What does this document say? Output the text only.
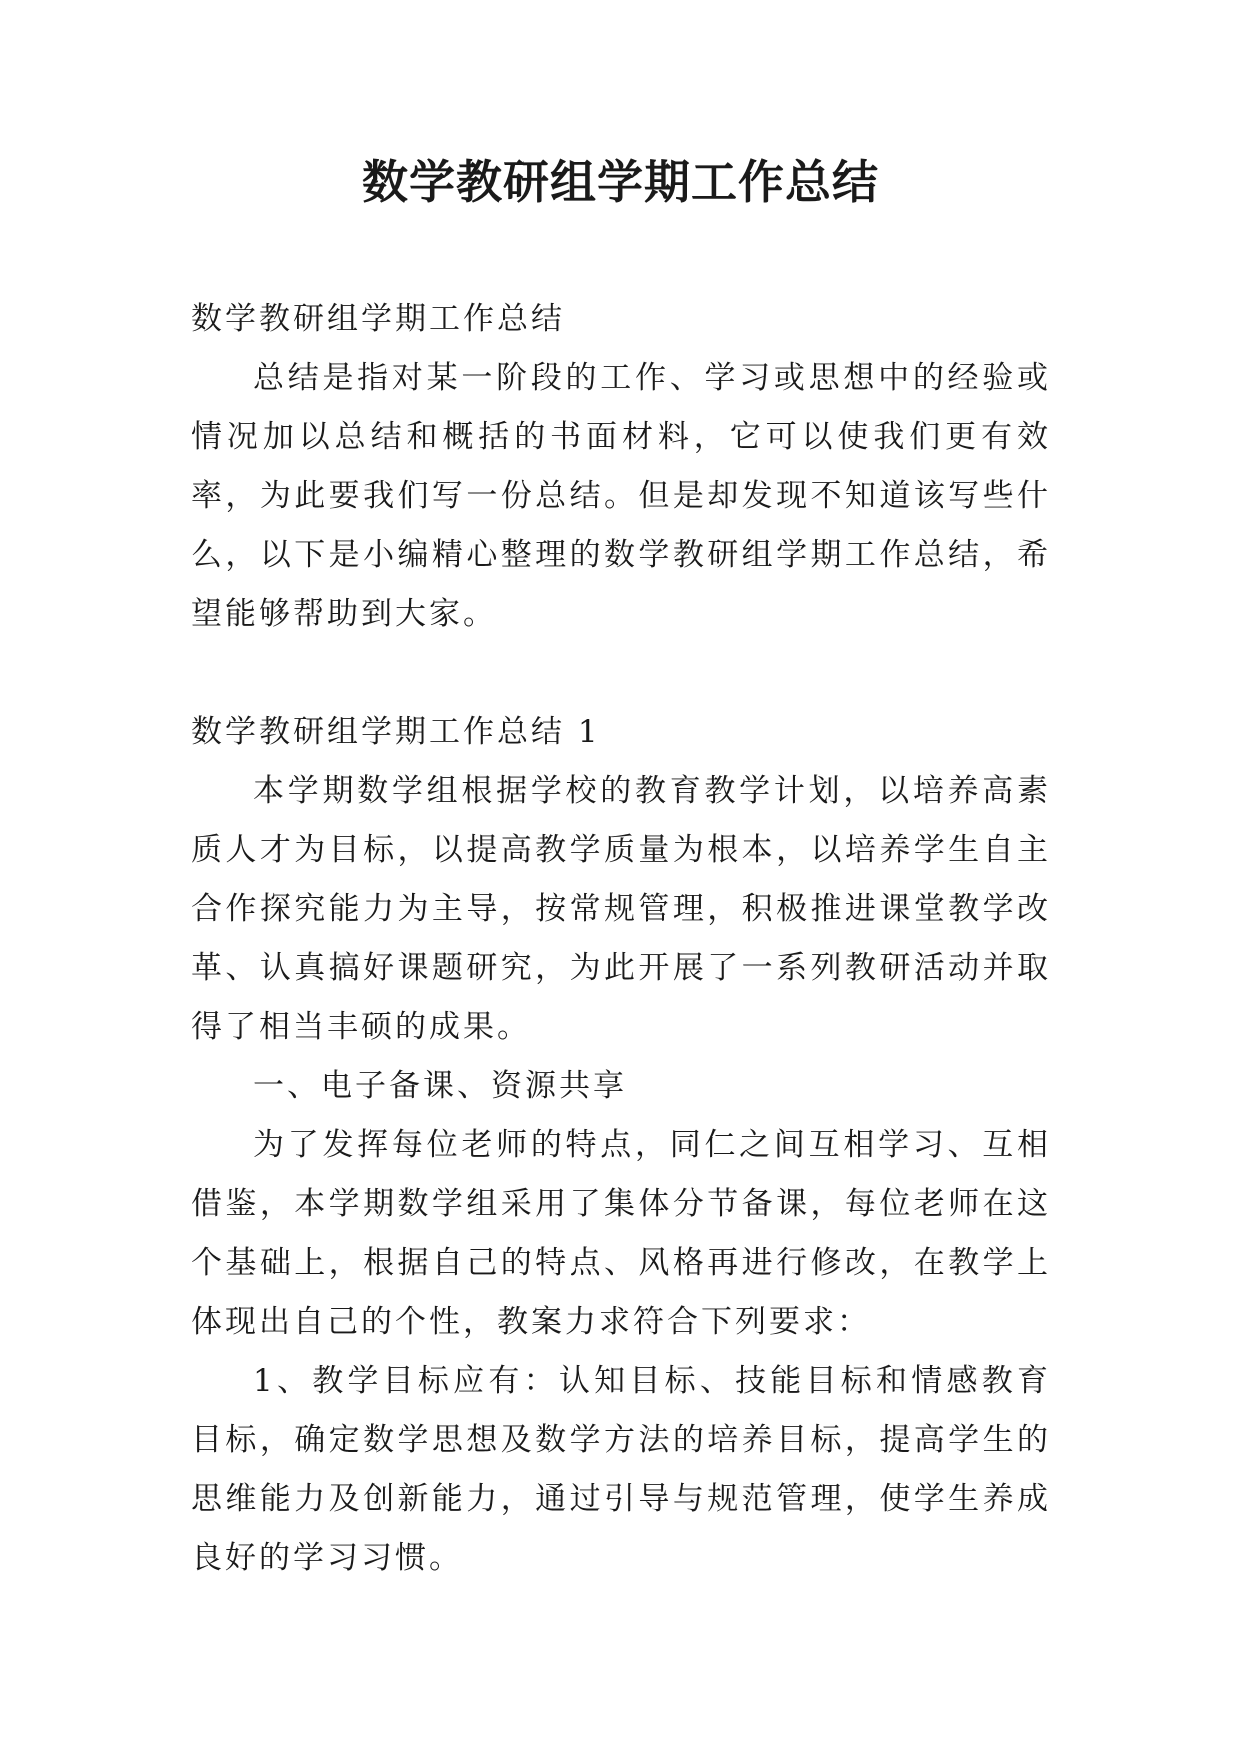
数学教研组学期工作总结

数学教研组学期工作总结

总结是指对某一阶段的工作、学习或思想中的经验或情况加以总结和概括的书面材料，它可以使我们更有效率，为此要我们写一份总结。但是却发现不知道该写些什么，以下是小编精心整理的数学教研组学期工作总结，希望能够帮助到大家。

数学教研组学期工作总结 1

本学期数学组根据学校的教育教学计划，以培养高素质人才为目标，以提高教学质量为根本，以培养学生自主合作探究能力为主导，按常规管理，积极推进课堂教学改革、认真搞好课题研究，为此开展了一系列教研活动并取得了相当丰硕的成果。

一、电子备课、资源共享

为了发挥每位老师的特点，同仁之间互相学习、互相借鉴，本学期数学组采用了集体分节备课，每位老师在这个基础上，根据自己的特点、风格再进行修改，在教学上体现出自己的个性，教案力求符合下列要求：

1、教学目标应有：认知目标、技能目标和情感教育目标，确定数学思想及数学方法的培养目标，提高学生的思维能力及创新能力，通过引导与规范管理，使学生养成良好的学习习惯。
